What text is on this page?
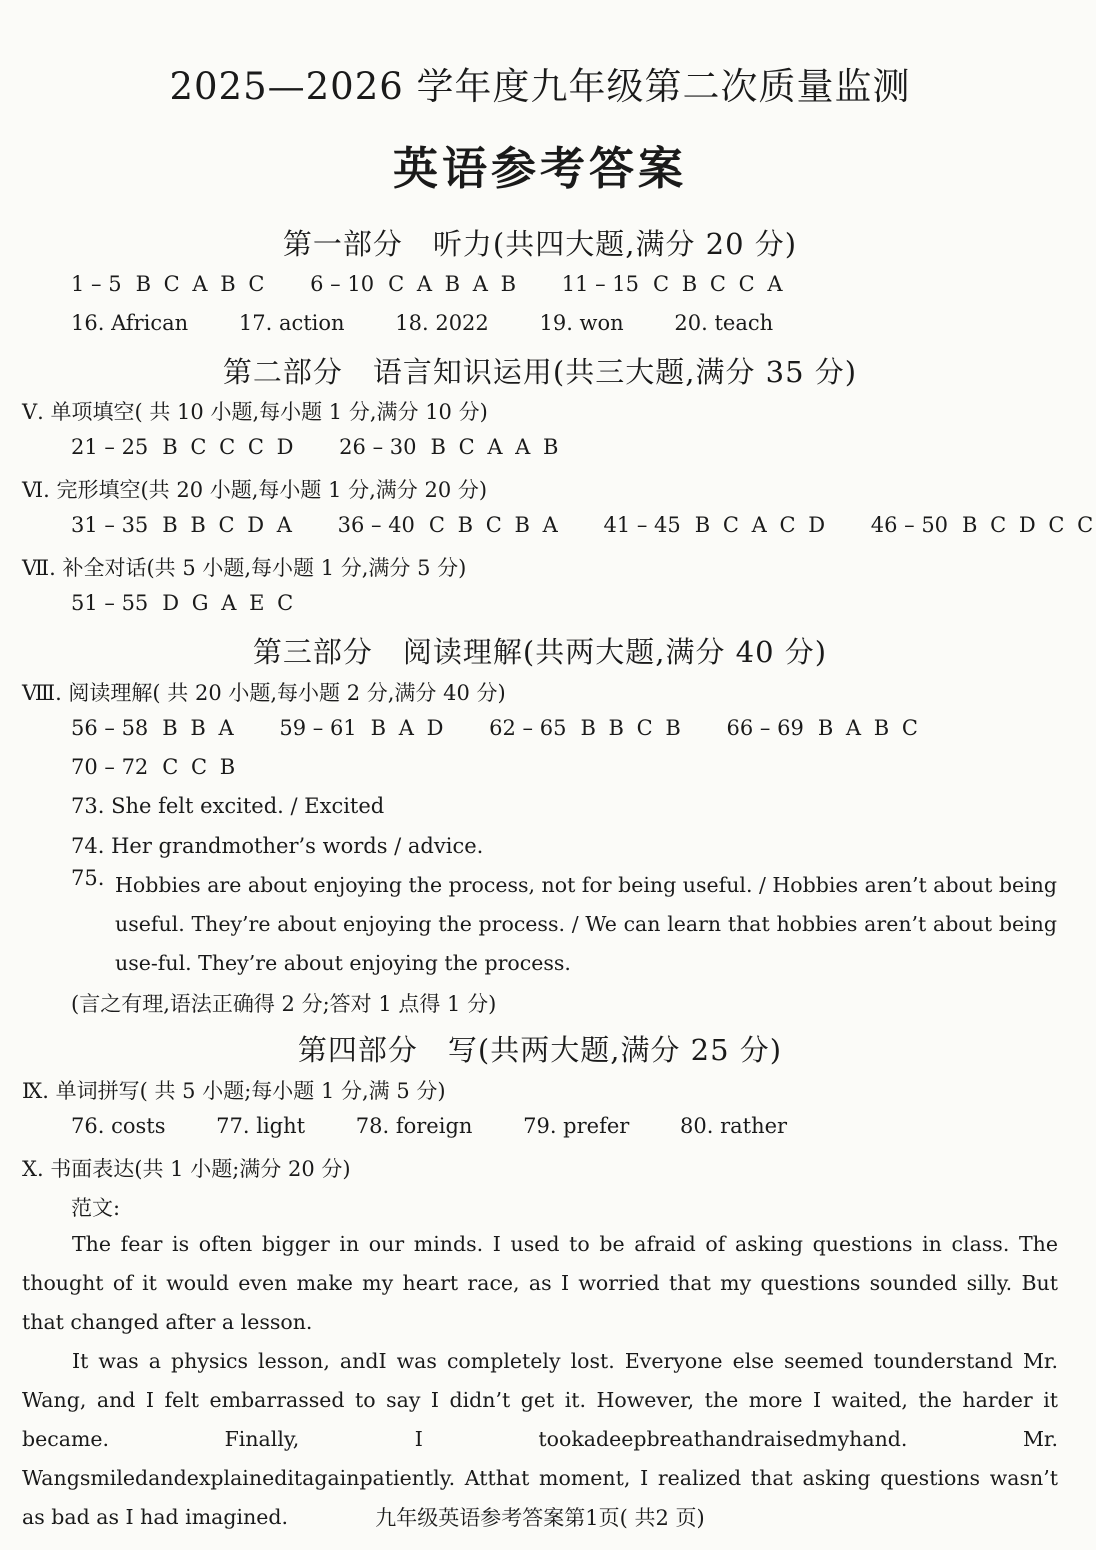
2025—2026 学年度九年级第二次质量监测
英语参考答案
第一部分　听力(共四大题,满分 20 分)
1 – 5 B C A B C 6 – 10 C A B A B 11 – 15 C B C C A
16. African 17. action 18. 2022 19. won 20. teach
第二部分　语言知识运用(共三大题,满分 35 分)
Ⅴ. 单项填空( 共 10 小题,每小题 1 分,满分 10 分)
21 – 25 B C C C D 26 – 30 B C A A B
Ⅵ. 完形填空(共 20 小题,每小题 1 分,满分 20 分)
31 – 35 B B C D A 36 – 40 C B C B A 41 – 45 B C A C D 46 – 50 B C D C C
Ⅶ. 补全对话(共 5 小题,每小题 1 分,满分 5 分)
51 – 55 D G A E C
第三部分　阅读理解(共两大题,满分 40 分)
Ⅷ. 阅读理解( 共 20 小题,每小题 2 分,满分 40 分)
56 – 58 B B A 59 – 61 B A D 62 – 65 B B C B 66 – 69 B A B C
70 – 72 C C B
73. She felt excited. / Excited
74. Her grandmother’s words / advice.
75. Hobbies are about enjoying the process, not for being useful. / Hobbies aren’t about being useful. They’re about enjoying the process. / We can learn that hobbies aren’t about being use-ful. They’re about enjoying the process.
(言之有理,语法正确得 2 分;答对 1 点得 1 分)
第四部分　写(共两大题,满分 25 分)
Ⅸ. 单词拼写( 共 5 小题;每小题 1 分,满 5 分)
76. costs 77. light 78. foreign 79. prefer 80. rather
Ⅹ. 书面表达(共 1 小题;满分 20 分)
范文:
The fear is often bigger in our minds. I used to be afraid of asking questions in class. The thought of it would even make my heart race, as I worried that my questions sounded silly. But that changed after a lesson.
It was a physics lesson, andI was completely lost. Everyone else seemed tounderstand Mr. Wang, and I felt embarrassed to say I didn’t get it. However, the more I waited, the harder it became. Finally, I tookadeepbreathandraisedmyhand. Mr. Wangsmiledandexplaineditagainpatiently. Atthat moment, I realized that asking questions wasn’t as bad as I had imagined.	九年级英语参考答案第1页( 共2 页)
